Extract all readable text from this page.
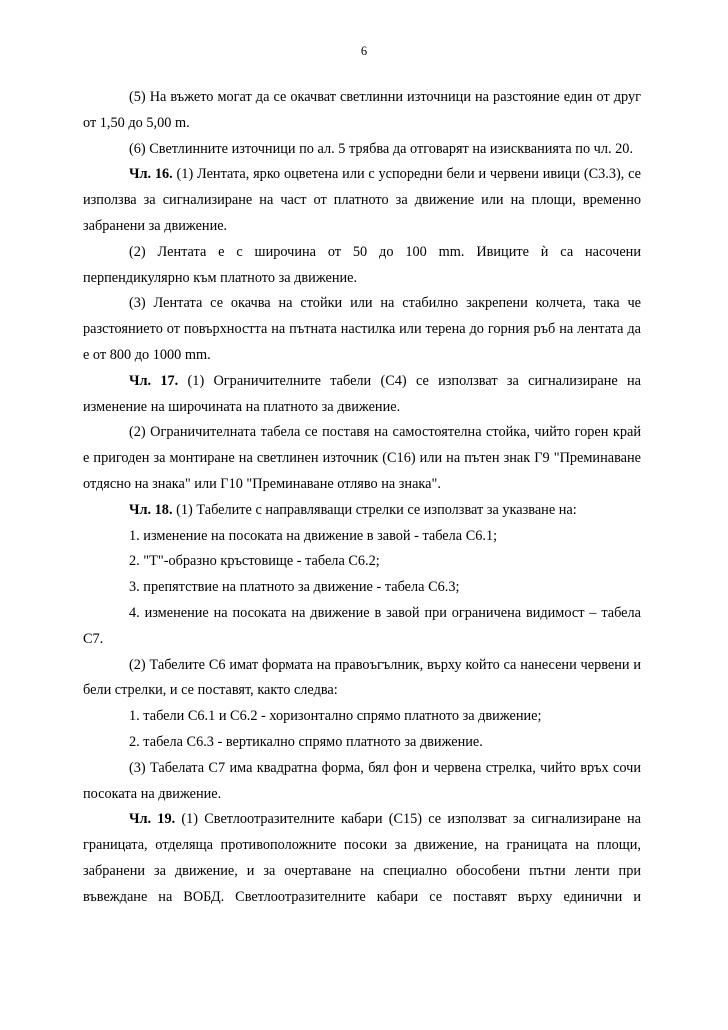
6

(5) На въжето могат да се окачват светлинни източници на разстояние един от друг от 1,50 до 5,00 m.

(6) Светлинните източници по ал. 5 трябва да отговарят на изискванията по чл. 20.

Чл. 16. (1) Лентата, ярко оцветена или с успоредни бели и червени ивици (С3.3), се използва за сигнализиране на част от платното за движение или на площи, временно забранени за движение.

(2) Лентата е с широчина от 50 до 100 mm. Ивиците ѝ са насочени перпендикулярно към платното за движение.

(3) Лентата се окачва на стойки или на стабилно закрепени колчета, така че разстоянието от повърхността на пътната настилка или терена до горния ръб на лентата да е от 800 до 1000 mm.

Чл. 17. (1) Ограничителните табели (С4) се използват за сигнализиране на изменение на широчината на платното за движение.

(2) Ограничителната табела се поставя на самостоятелна стойка, чийто горен край е пригоден за монтиране на светлинен източник (С16) или на пътен знак Г9 "Преминаване отдясно на знака" или Г10 "Преминаване отляво на знака".

Чл. 18. (1) Табелите с направляващи стрелки се използват за указване на:

1. изменение на посоката на движение в завой - табела С6.1;

2. "Т"-образно кръстовище - табела С6.2;

3. препятствие на платното за движение - табела С6.3;

4. изменение на посоката на движение в завой при ограничена видимост – табела С7.

(2) Табелите С6 имат формата на правоъгълник, върху който са нанесени червени и бели стрелки, и се поставят, както следва:

1. табели С6.1 и С6.2 - хоризонтално спрямо платното за движение;

2. табела С6.3 - вертикално спрямо платното за движение.

(3) Табелата С7 има квадратна форма, бял фон и червена стрелка, чийто връх сочи посоката на движение.

Чл. 19. (1) Светлоотразителните кабари (С15) се използват за сигнализиране на границата, отделяща противоположните посоки за движение, на границата на площи, забранени за движение, и за очертаване на специално обособени пътни ленти при въвеждане на ВОБД. Светлоотразителните кабари се поставят върху единични и
